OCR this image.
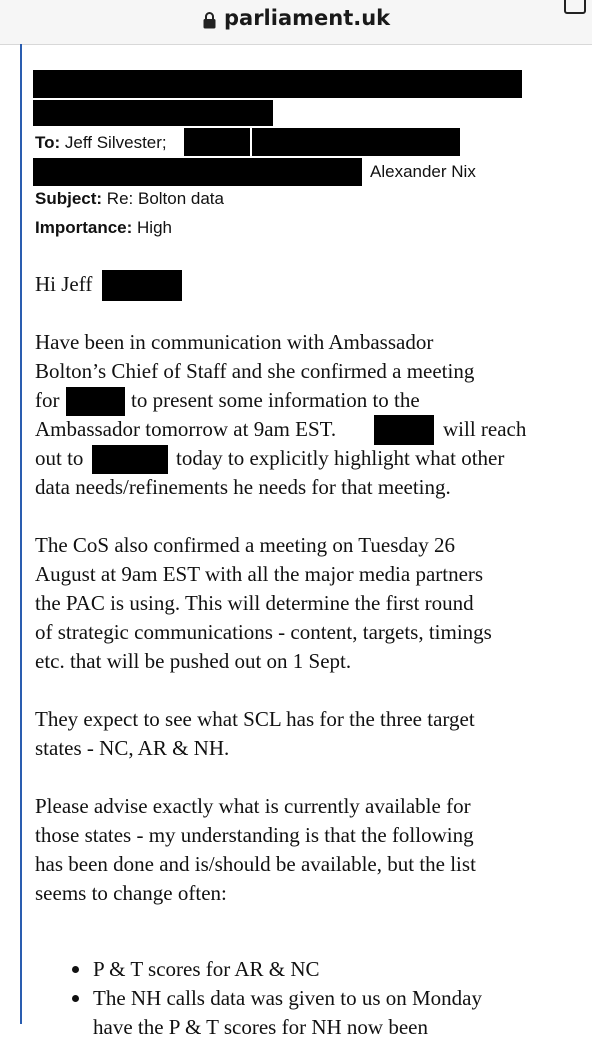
parliament.uk
To: Jeff Silvester;
Alexander Nix
Subject: Re: Bolton data
Importance: High
Hi Jeff
Have been in communication with Ambassador
Bolton’s Chief of Staff and she confirmed a meeting
for	to present some information to the
Ambassador tomorrow at 9am EST.	will reach
out to	today to explicitly highlight what other
data needs/refinements he needs for that meeting.
The CoS also confirmed a meeting on Tuesday 26
August at 9am EST with all the major media partners
the PAC is using. This will determine the first round
of strategic communications - content, targets, timings
etc. that will be pushed out on 1 Sept.
They expect to see what SCL has for the three target
states - NC, AR & NH.
Please advise exactly what is currently available for
those states - my understanding is that the following
has been done and is/should be available, but the list
seems to change often:
P & T scores for AR & NC
The NH calls data was given to us on Monday
have the P & T scores for NH now been
